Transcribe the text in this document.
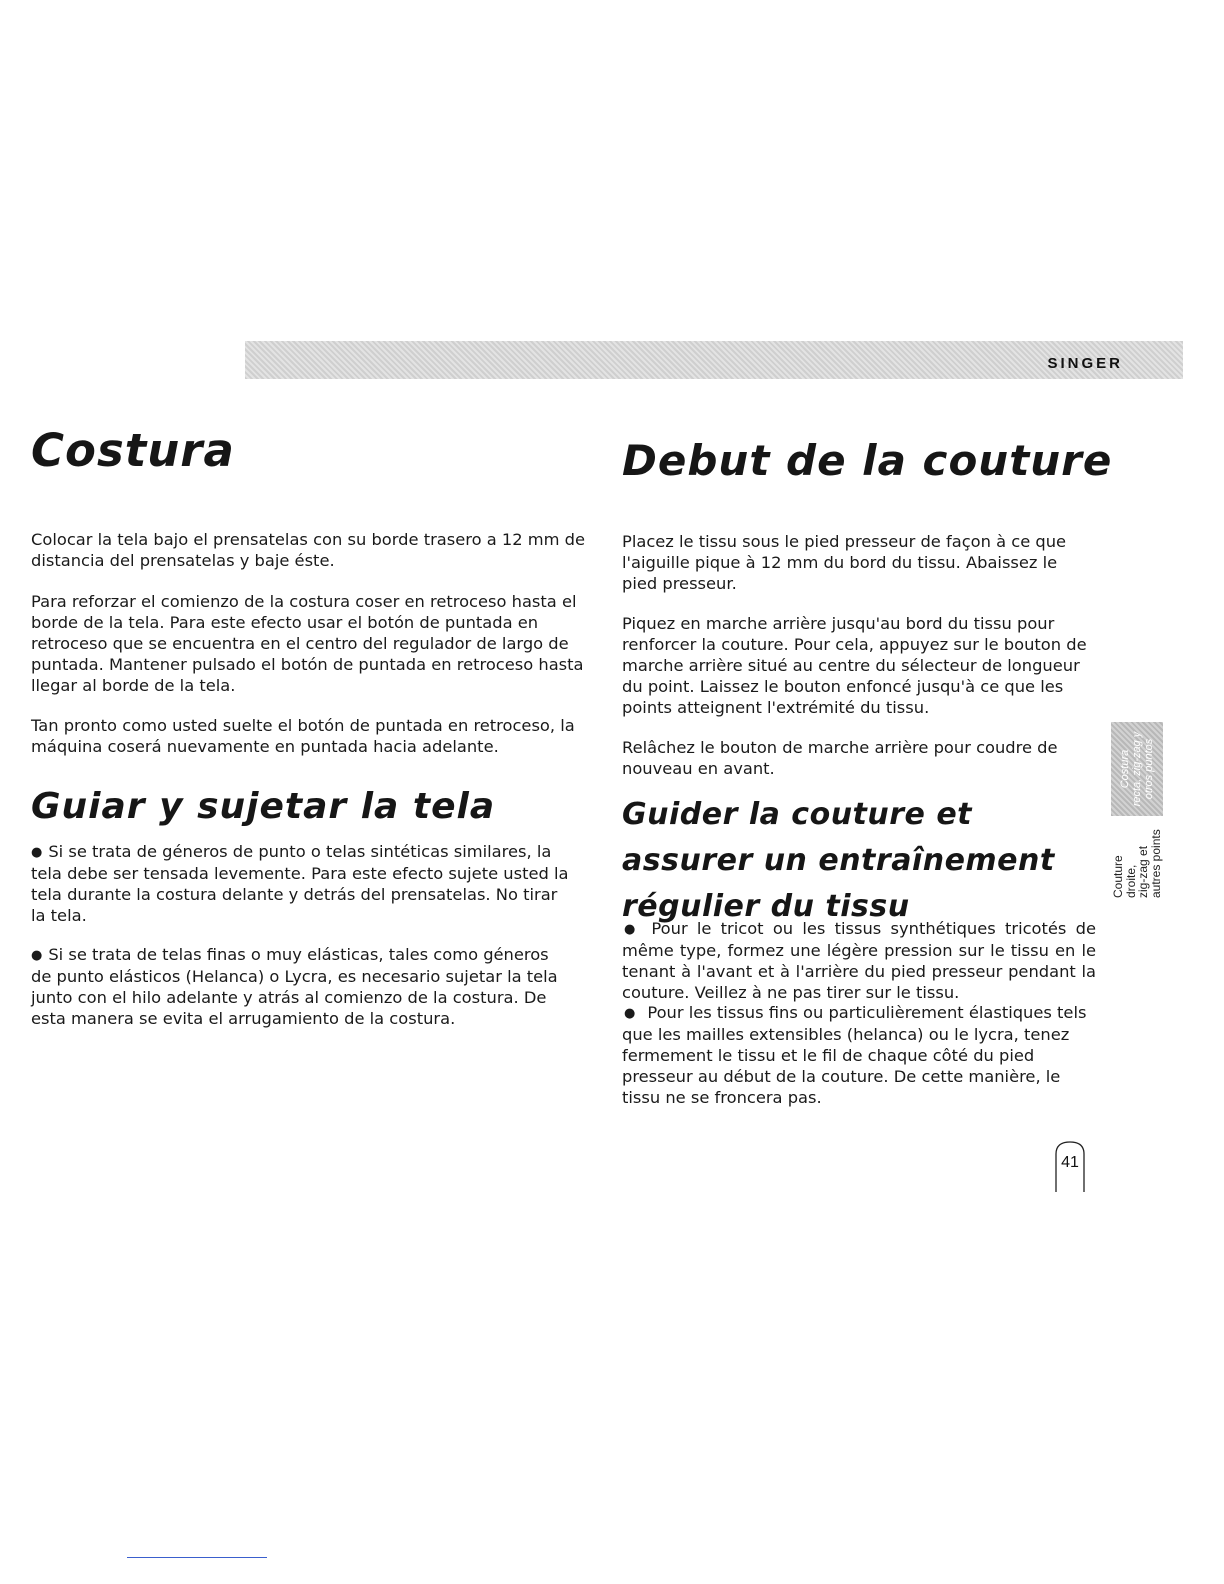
SINGER
Costura

Colocar la tela bajo el prensatelas con su borde trasero a 12 mm de distancia del prensatelas y baje éste.

Para reforzar el comienzo de la costura coser en retroceso hasta el borde de la tela. Para este efecto usar el botón de puntada en retroceso que se encuentra en el centro del regulador de largo de puntada. Mantener pulsado el botón de puntada en retroceso hasta llegar al borde de la tela.

Tan pronto como usted suelte el botón de puntada en retroceso, la máquina coserá nuevamente en puntada hacia adelante.

Guiar y sujetar la tela

● Si se trata de géneros de punto o telas sintéticas similares, la tela debe ser tensada levemente. Para este efecto sujete usted la tela durante la costura delante y detrás del prensatelas. No tirar la tela.

● Si se trata de telas finas o muy elásticas, tales como géneros de punto elásticos (Helanca) o Lycra, es necesario sujetar la tela junto con el hilo adelante y atrás al comienzo de la costura. De esta manera se evita el arrugamiento de la costura.

Debut de la couture

Placez le tissu sous le pied presseur de façon à ce que l'aiguille pique à 12 mm du bord du tissu. Abaissez le pied presseur.

Piquez en marche arrière jusqu'au bord du tissu pour renforcer la couture. Pour cela, appuyez sur le bouton de marche arrière situé au centre du sélecteur de longueur du point. Laissez le bouton enfoncé jusqu'à ce que les points atteignent l'extrémité du tissu.

Relâchez le bouton de marche arrière pour coudre de nouveau en avant.

Guider la couture et assurer un entraînement régulier du tissu

● Pour le tricot ou les tissus synthétiques tricotés de même type, formez une légère pression sur le tissu en le tenant à l'avant et à l'arrière du pied presseur pendant la couture. Veillez à ne pas tirer sur le tissu.

● Pour les tissus fins ou particulièrement élastiques tels que les mailles extensibles (helanca) ou le lycra, tenez fermement le tissu et le fil de chaque côté du pied presseur au début de la couture. De cette manière, le tissu ne se froncera pas.

Costura recta, zig-zag y otros puntos
Couture
droite,
zig-zag et
autres points
41
